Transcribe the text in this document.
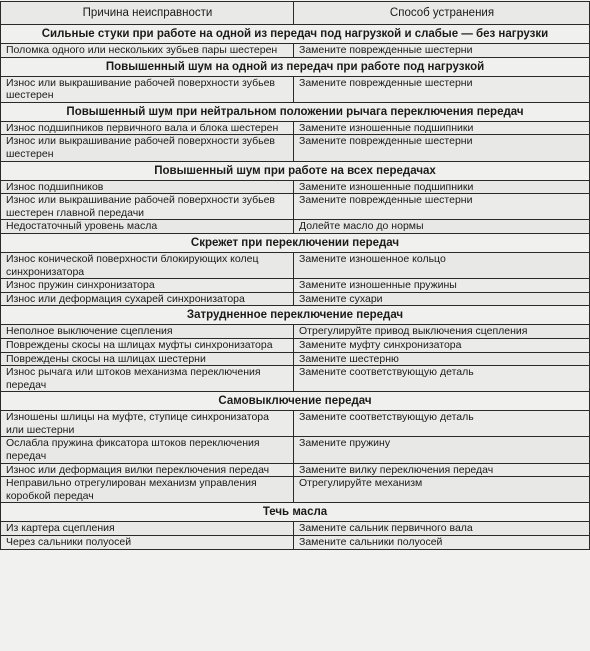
Причина неисправности	Способ устранения
Сильные стуки при работе на одной из передач под нагрузкой и слабые — без нагрузки	
Поломка одного или нескольких зубьев пары шестерен	Замените поврежденные шестерни
Повышенный шум на одной из передач при работе под нагрузкой	
Износ или выкрашивание рабочей поверхности зубьев шестерен	Замените поврежденные шестерни
Повышенный шум при нейтральном положении рычага переключения передач	
Износ подшипников первичного вала и блока шестерен	Замените изношенные подшипники
Износ или выкрашивание рабочей поверхности зубьев шестерен	Замените поврежденные шестерни
Повышенный шум при работе на всех передачах	
Износ подшипников	Замените изношенные подшипники
Износ или выкрашивание рабочей поверхности зубьев шестерен главной передачи	Замените поврежденные шестерни
Недостаточный уровень масла	Долейте масло до нормы
Скрежет при переключении передач	
Износ конической поверхности блокирующих колец синхронизатора	Замените изношенное кольцо
Износ пружин синхронизатора	Замените изношенные пружины
Износ или деформация сухарей синхронизатора	Замените сухари
Затрудненное переключение передач	
Неполное выключение сцепления	Отрегулируйте привод выключения сцепления
Повреждены скосы на шлицах муфты синхронизатора	Замените муфту синхронизатора
Повреждены скосы на шлицах шестерни	Замените шестерню
Износ рычага или штоков механизма переключения передач	Замените соответствующую деталь
Самовыключение передач	
Изношены шлицы на муфте, ступице синхронизатора или шестерни	Замените соответствующую деталь
Ослабла пружина фиксатора штоков переключения передач	Замените пружину
Износ или деформация вилки переключения передач	Замените вилку переключения передач
Неправильно отрегулирован механизм управления коробкой передач	Отрегулируйте механизм
Течь масла	
Из картера сцепления	Замените сальник первичного вала
Через сальники полуосей	Замените сальники полуосей
